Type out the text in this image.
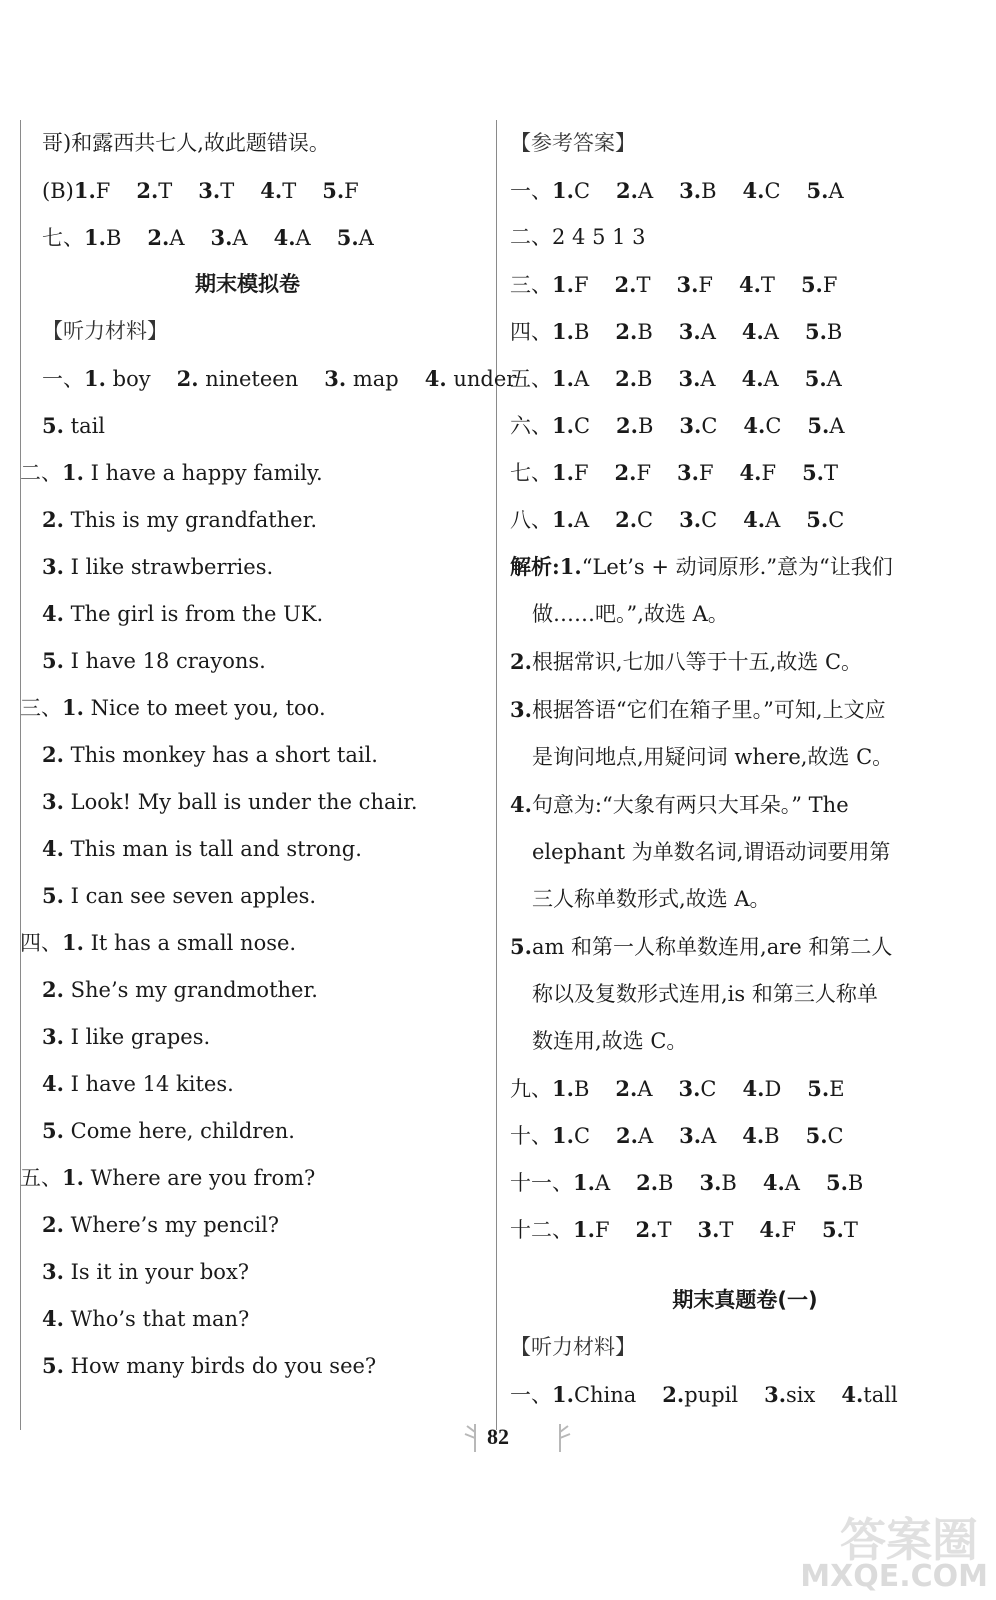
哥)和露西共七人,故此题错误。
(B)1.F 2.T 3.T 4.T 5.F
七、1.B 2.A 3.A 4.A 5.A
期末模拟卷
【听力材料】
一、1. boy 2. nineteen 3. map 4. under
5. tail
二、1. I have a happy family.
2. This is my grandfather.
3. I like strawberries.
4. The girl is from the UK.
5. I have 18 crayons.
三、1. Nice to meet you, too.
2. This monkey has a short tail.
3. Look! My ball is under the chair.
4. This man is tall and strong.
5. I can see seven apples.
四、1. It has a small nose.
2. She’s my grandmother.
3. I like grapes.
4. I have 14 kites.
5. Come here, children.
五、1. Where are you from?
2. Where’s my pencil?
3. Is it in your box?
4. Who’s that man?
5. How many birds do you see?
【参考答案】
一、1.C 2.A 3.B 4.C 5.A
二、2 4 5 1 3
三、1.F 2.T 3.F 4.T 5.F
四、1.B 2.B 3.A 4.A 5.B
五、1.A 2.B 3.A 4.A 5.A
六、1.C 2.B 3.C 4.C 5.A
七、1.F 2.F 3.F 4.F 5.T
八、1.A 2.C 3.C 4.A 5.C
解析:1.“Let’s + 动词原形.”意为“让我们
做……吧。”,故选 A。
2.根据常识,七加八等于十五,故选 C。
3.根据答语“它们在箱子里。”可知,上文应
是询问地点,用疑问词 where,故选 C。
4.句意为:“大象有两只大耳朵。” The
elephant 为单数名词,谓语动词要用第
三人称单数形式,故选 A。
5.am 和第一人称单数连用,are 和第二人
称以及复数形式连用,is 和第三人称单
数连用,故选 C。
九、1.B 2.A 3.C 4.D 5.E
十、1.C 2.A 3.A 4.B 5.C
十一、1.A 2.B 3.B 4.A 5.B
十二、1.F 2.T 3.T 4.F 5.T
期末真题卷(一)
【听力材料】
一、1.China 2.pupil 3.six 4.tall
82
答案圈
MXQE.COM
